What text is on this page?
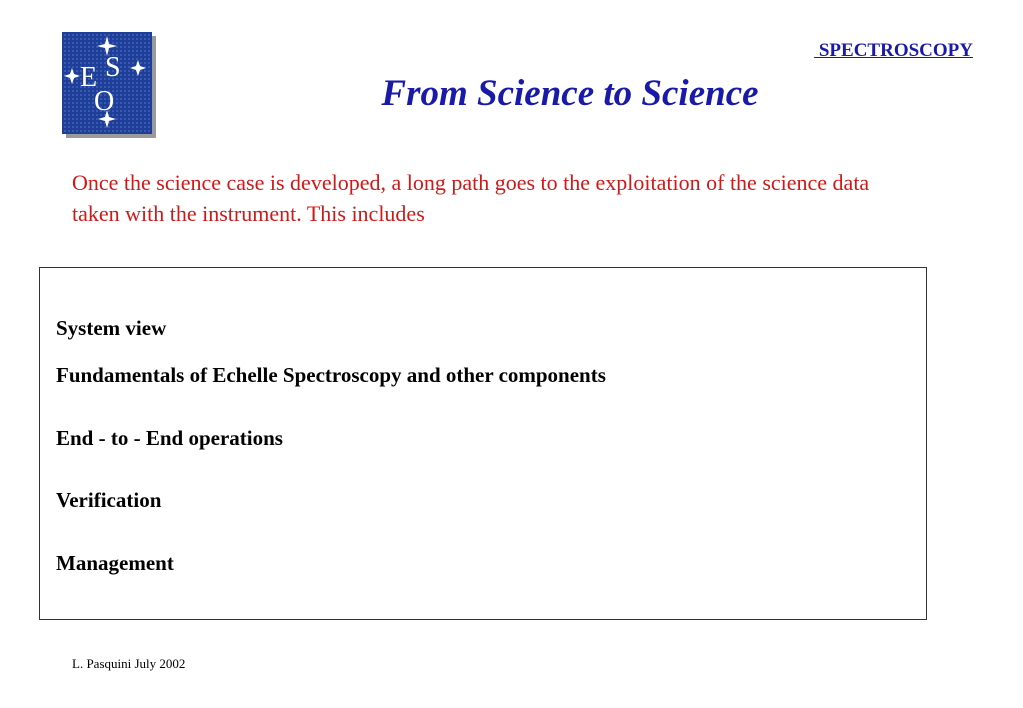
E S
O
SPECTROSCOPY
From Science to Science

Once the science case is developed, a long path goes to the exploitation of the science data taken with the instrument. This includes

System view

Fundamentals of Echelle Spectroscopy and other components

End - to - End operations

Verification

Management

L. Pasquini July 2002
